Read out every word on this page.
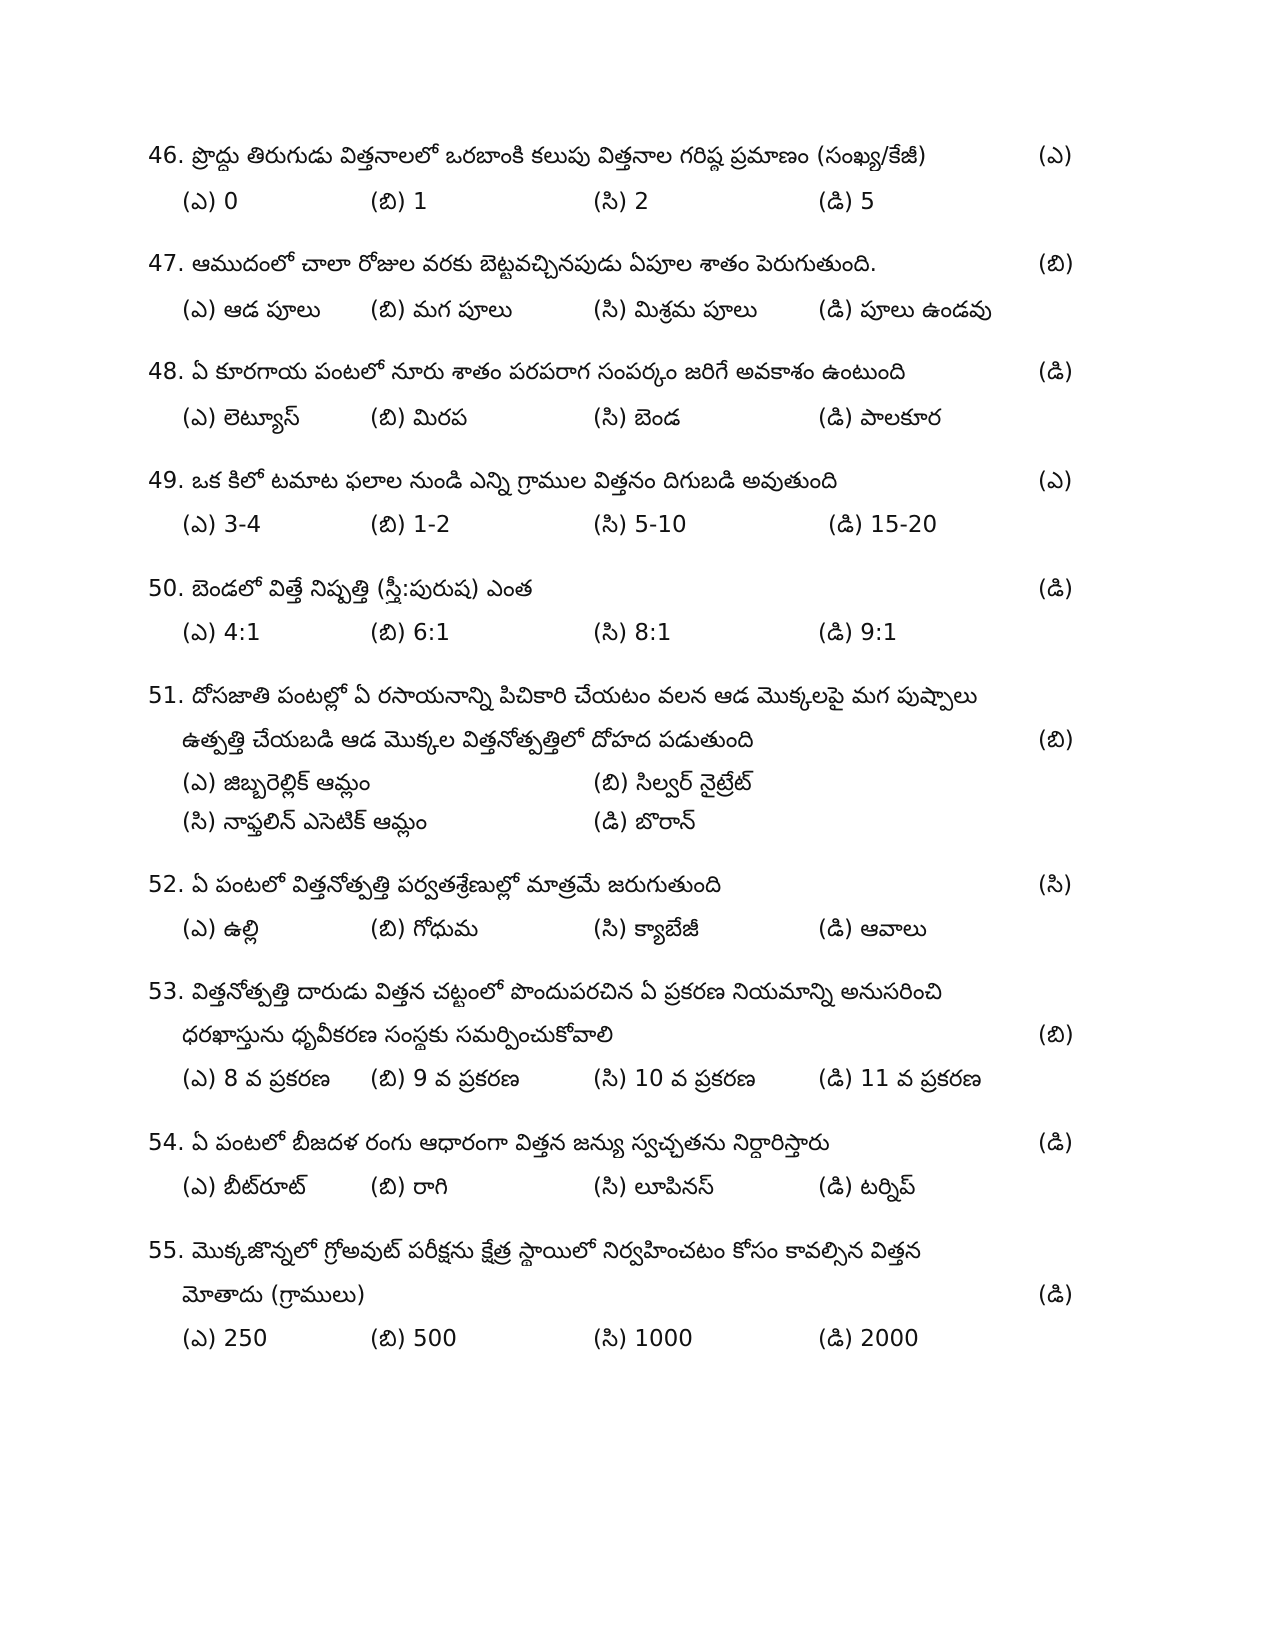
46. ప్రొద్దు తిరుగుడు విత్తనాలలో ఒరబాంకి కలుపు విత్తనాల గరిష్ఠ ప్రమాణం (సంఖ్య/కేజీ)	(ఎ)
(ఎ) 0	(బి) 1	(సి) 2	(డి) 5
47. ఆముదంలో చాలా రోజుల వరకు బెట్టవచ్చినపుడు ఏపూల శాతం పెరుగుతుంది.	(బి)
(ఎ) ఆడ పూలు (బి) మగ పూలు	(సి) మిశ్రమ పూలు	(డి) పూలు ఉండవు
48. ఏ కూరగాయ పంటలో నూరు శాతం పరపరాగ సంపర్కం జరిగే అవకాశం ఉంటుంది	(డి)
(ఎ) లెట్యూస్	(బి) మిరప	(సి) బెండ	(డి) పాలకూర
49. ఒక కిలో టమాట ఫలాల నుండి ఎన్ని గ్రాముల విత్తనం దిగుబడి అవుతుంది	(ఎ)
(ఎ) 3-4	(బి) 1-2	(సి) 5-10	(డి) 15-20
50. బెండలో విత్తే నిష్పత్తి (స్త్రీ:పురుష) ఎంత	(డి)
(ఎ) 4:1	(బి) 6:1	(సి) 8:1	(డి) 9:1
51. దోసజాతి పంటల్లో ఏ రసాయనాన్ని పిచికారి చేయటం వలన ఆడ మొక్కలపై మగ పుష్పాలు
ఉత్పత్తి చేయబడి ఆడ మొక్కల విత్తనోత్పత్తిలో దోహద పడుతుంది	(బి)
(ఎ) జిబ్బరెల్లిక్ ఆమ్లం	(బి) సిల్వర్ నైట్రేట్
(సి) నాఫ్తలిన్ ఎసెటిక్ ఆమ్లం	(డి) బొరాన్
52. ఏ పంటలో విత్తనోత్పత్తి పర్వతశ్రేణుల్లో మాత్రమే జరుగుతుంది	(సి)
(ఎ) ఉల్లి	(బి) గోధుమ	(సి) క్యాబేజీ	(డి) ఆవాలు
53. విత్తనోత్పత్తి దారుడు విత్తన చట్టంలో పొందుపరచిన ఏ ప్రకరణ నియమాన్ని అనుసరించి
ధరఖాస్తును ధృవీకరణ సంస్థకు సమర్పించుకోవాలి	(బి)
(ఎ) 8 వ ప్రకరణ (బి) 9 వ ప్రకరణ	(సి) 10 వ ప్రకరణ	(డి) 11 వ ప్రకరణ
54. ఏ పంటలో బీజదళ రంగు ఆధారంగా విత్తన జన్యు స్వచ్ఛతను నిర్ధారిస్తారు	(డి)
(ఎ) బీట్‌రూట్	(బి) రాగి	(సి) లూపినస్	(డి) టర్నిప్
55. మొక్కజొన్నలో గ్రోఅవుట్ పరీక్షను క్షేత్ర స్థాయిలో నిర్వహించటం కోసం కావల్సిన విత్తన
మోతాదు (గ్రాములు)	(డి)
(ఎ) 250	(బి) 500	(సి) 1000	(డి) 2000
